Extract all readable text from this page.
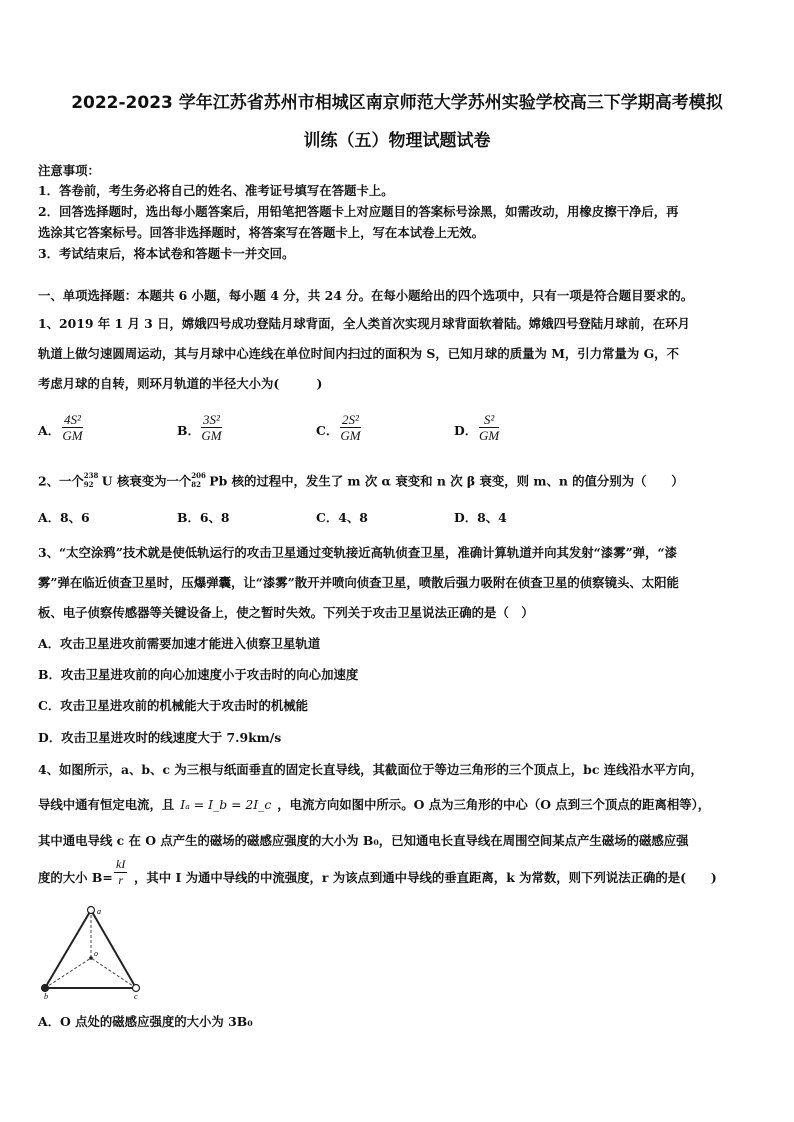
2022-2023 学年江苏省苏州市相城区南京师范大学苏州实验学校高三下学期高考模拟
训练（五）物理试题试卷
注意事项：
1．答卷前，考生务必将自己的姓名、准考证号填写在答题卡上。
2．回答选择题时，选出每小题答案后，用铅笔把答题卡上对应题目的答案标号涂黑，如需改动，用橡皮擦干净后，再
选涂其它答案标号。回答非选择题时，将答案写在答题卡上，写在本试卷上无效。
3．考试结束后，将本试卷和答题卡一并交回。
一、单项选择题：本题共 6 小题，每小题 4 分，共 24 分。在每小题给出的四个选项中，只有一项是符合题目要求的。
1、2019 年 1 月 3 日，嫦娥四号成功登陆月球背面，全人类首次实现月球背面软着陆。嫦娥四号登陆月球前，在环月
轨道上做匀速圆周运动，其与月球中心连线在单位时间内扫过的面积为 S，已知月球的质量为 M，引力常量为 G，不
考虑月球的自转，则环月轨道的半径大小为(　　　)
A． $\frac{\text{4S²}}{GM}$	B． $\frac{\text{3S²}}{GM}$	C． $\frac{\text{2S²}}{GM}$	D． $\frac{\text{S²}}{GM}$
2、一个 238
92 U 核衰变为一个 206
82 Pb 核的过程中，发生了 m 次 α 衰变和 n 次 β 衰变，则 m、n 的值分别为（　　）
A．8、6	B．6、8	C．4、8	D．8、4
3、“太空涂鸦”技术就是使低轨运行的攻击卫星通过变轨接近高轨侦查卫星，准确计算轨道并向其发射“漆雾”弹，“漆
雾”弹在临近侦查卫星时，压爆弹囊，让“漆雾”散开并喷向侦查卫星，喷散后强力吸附在侦查卫星的侦察镜头、太阳能
板、电子侦察传感器等关键设备上，使之暂时失效。下列关于攻击卫星说法正确的是（　）
A．攻击卫星进攻前需要加速才能进入侦察卫星轨道
B．攻击卫星进攻前的向心加速度小于攻击时的向心加速度
C．攻击卫星进攻前的机械能大于攻击时的机械能
D．攻击卫星进攻时的线速度大于 7.9km/s
4、如图所示，a、b、c 为三根与纸面垂直的固定长直导线，其截面位于等边三角形的三个顶点上，bc 连线沿水平方向，
导线中通有恒定电流，且 Iₐ = I_b = 2I_c ，电流方向如图中所示。O 点为三角形的中心（O 点到三个顶点的距离相等），
其中通电导线 c 在 O 点产生的磁场的磁感应强度的大小为 B₀，已知通电长直导线在周围空间某点产生磁场的磁感应强
度的大小 $B= \frac{kI}{r}$ ，其中 I 为通中导线的中流强度，r 为该点到通中导线的垂直距离，k 为常数，则下列说法正确的是(　　)
b	c
a
o
A．O 点处的磁感应强度的大小为 3B₀
